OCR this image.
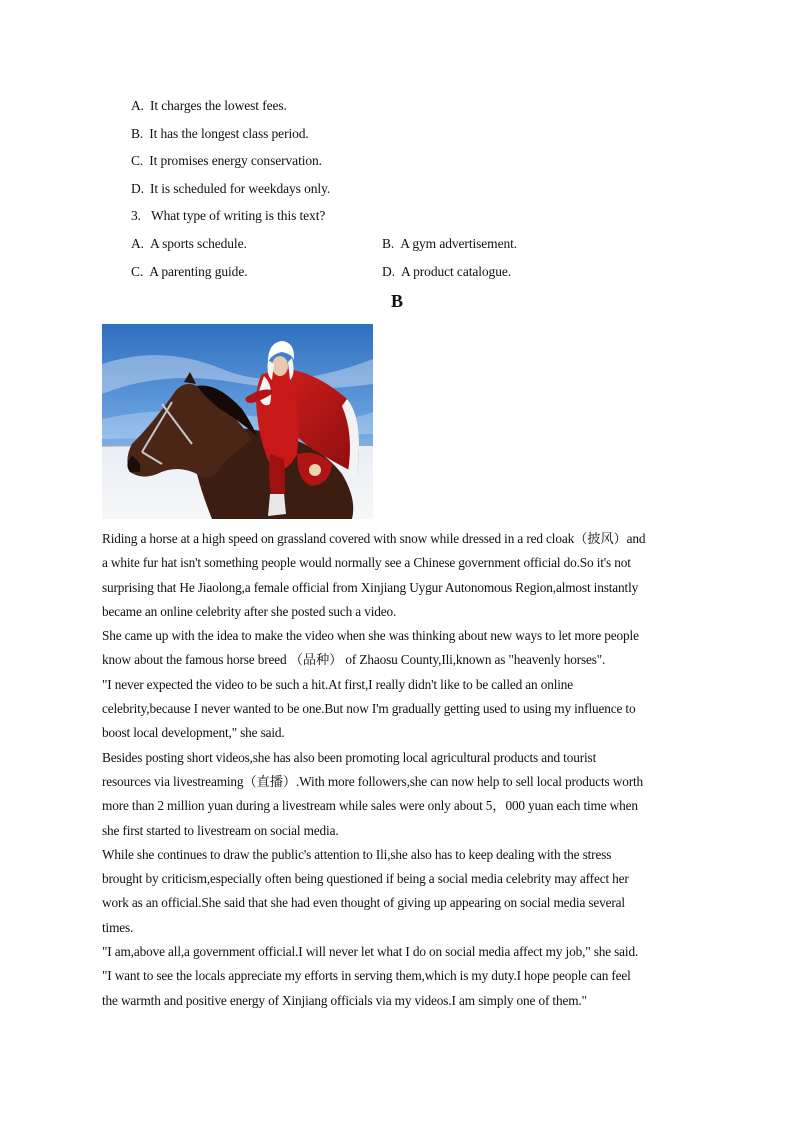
A. It charges the lowest fees.
B. It has the longest class period.
C. It promises energy conservation.
D. It is scheduled for weekdays only.
3. What type of writing is this text?
A. A sports schedule.	B. A gym advertisement.
C. A parenting guide.	D. A product catalogue.
B

Riding a horse at a high speed on grassland covered with snow while dressed in a red cloak（披风）and
a white fur hat isn't something people would normally see a Chinese government official do.So it's not
surprising that He Jiaolong,a female official from Xinjiang Uygur Autonomous Region,almost instantly
became an online celebrity after she posted such a video.

She came up with the idea to make the video when she was thinking about new ways to let more people
know about the famous horse breed （品种） of Zhaosu County,Ili,known as "heavenly horses".

"I never expected the video to be such a hit.At first,I really didn't like to be called an online
celebrity,because I never wanted to be one.But now I'm gradually getting used to using my influence to
boost local development," she said.

Besides posting short videos,she has also been promoting local agricultural products and tourist
resources via livestreaming（直播）.With more followers,she can now help to sell local products worth
more than 2 million yuan during a livestream while sales were only about 5，000 yuan each time when
she first started to livestream on social media.

While she continues to draw the public's attention to Ili,she also has to keep dealing with the stress
brought by criticism,especially often being questioned if being a social media celebrity may affect her
work as an official.She said that she had even thought of giving up appearing on social media several
times.

"I am,above all,a government official.I will never let what I do on social media affect my job," she said.
"I want to see the locals appreciate my efforts in serving them,which is my duty.I hope people can feel
the warmth and positive energy of Xinjiang officials via my videos.I am simply one of them."
